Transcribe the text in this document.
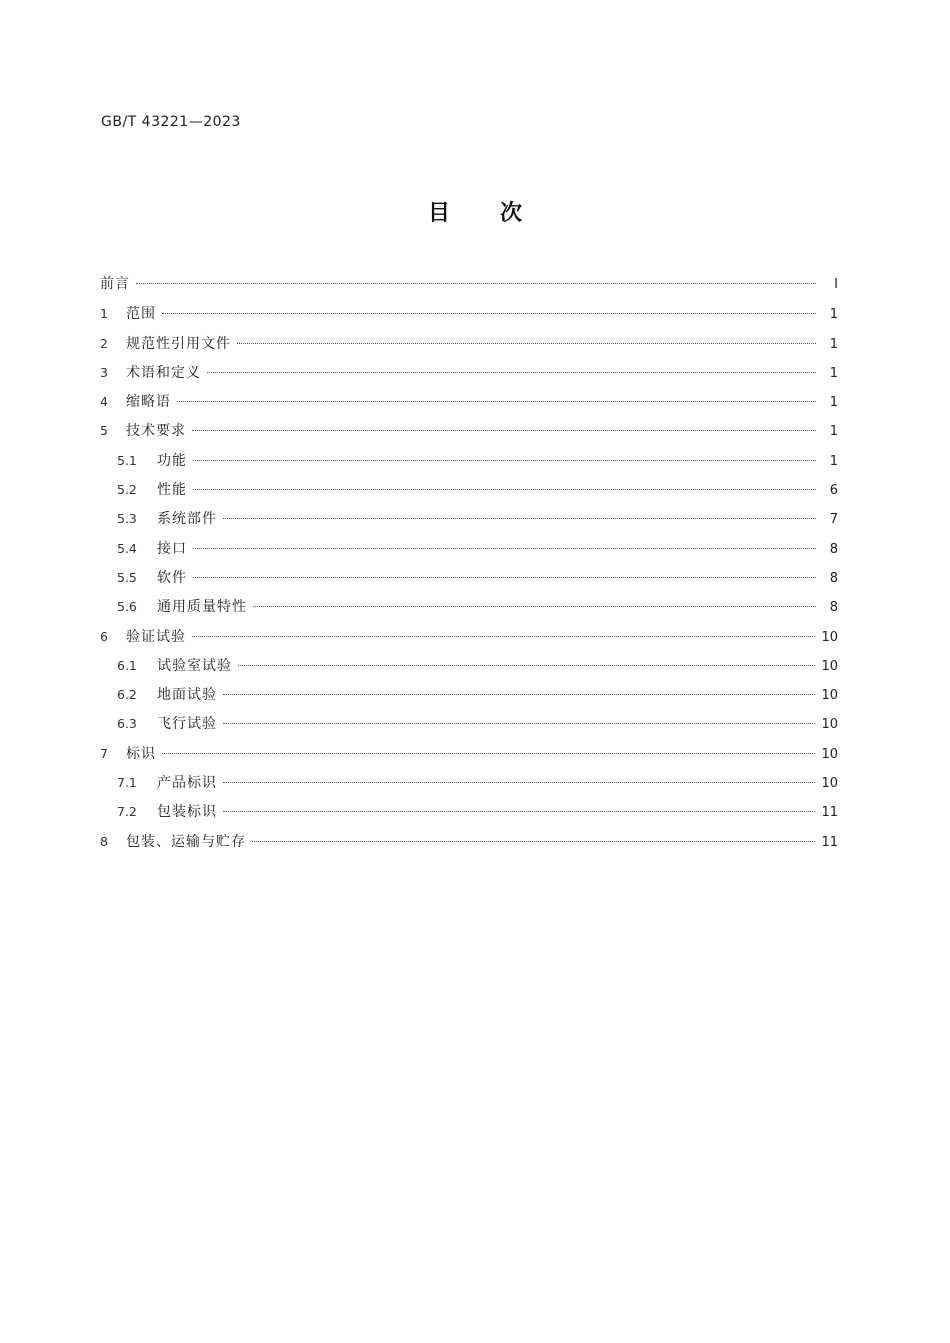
GB/T 43221—2023
目次
前言	Ⅰ
1	范围	1
2	规范性引用文件	1
3	术语和定义	1
4	缩略语	1
5	技术要求	1
5.1	功能	1
5.2	性能	6
5.3	系统部件	7
5.4	接口	8
5.5	软件	8
5.6	通用质量特性	8
6	验证试验	10
6.1	试验室试验	10
6.2	地面试验	10
6.3	飞行试验	10
7	标识	10
7.1	产品标识	10
7.2	包装标识	11
8	包装、运输与贮存	11
